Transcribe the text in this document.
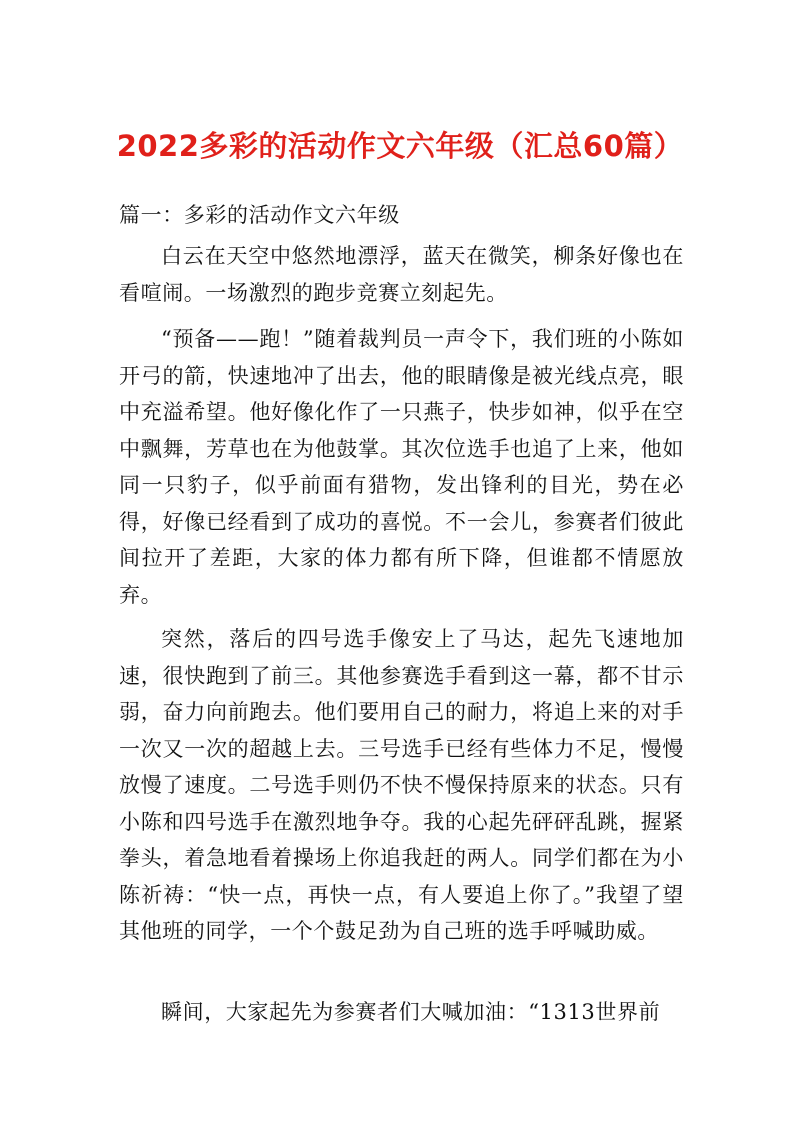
2022多彩的活动作文六年级（汇总60篇）
篇一：多彩的活动作文六年级
白云在天空中悠然地漂浮，蓝天在微笑，柳条好像也在看喧闹。一场激烈的跑步竞赛立刻起先。
“预备——跑！”随着裁判员一声令下，我们班的小陈如开弓的箭，快速地冲了出去，他的眼睛像是被光线点亮，眼中充溢希望。他好像化作了一只燕子，快步如神，似乎在空中飘舞，芳草也在为他鼓掌。其次位选手也追了上来，他如同一只豹子，似乎前面有猎物，发出锋利的目光，势在必得，好像已经看到了成功的喜悦。不一会儿，参赛者们彼此间拉开了差距，大家的体力都有所下降，但谁都不情愿放弃。
突然，落后的四号选手像安上了马达，起先飞速地加速，很快跑到了前三。其他参赛选手看到这一幕，都不甘示弱，奋力向前跑去。他们要用自己的耐力，将追上来的对手一次又一次的超越上去。三号选手已经有些体力不足，慢慢放慢了速度。二号选手则仍不快不慢保持原来的状态。只有小陈和四号选手在激烈地争夺。我的心起先砰砰乱跳，握紧拳头，着急地看着操场上你追我赶的两人。同学们都在为小陈祈祷：“快一点，再快一点，有人要追上你了。”我望了望其他班的同学，一个个鼓足劲为自己班的选手呼喊助威。
瞬间，大家起先为参赛者们大喊加油：“1313世界前
